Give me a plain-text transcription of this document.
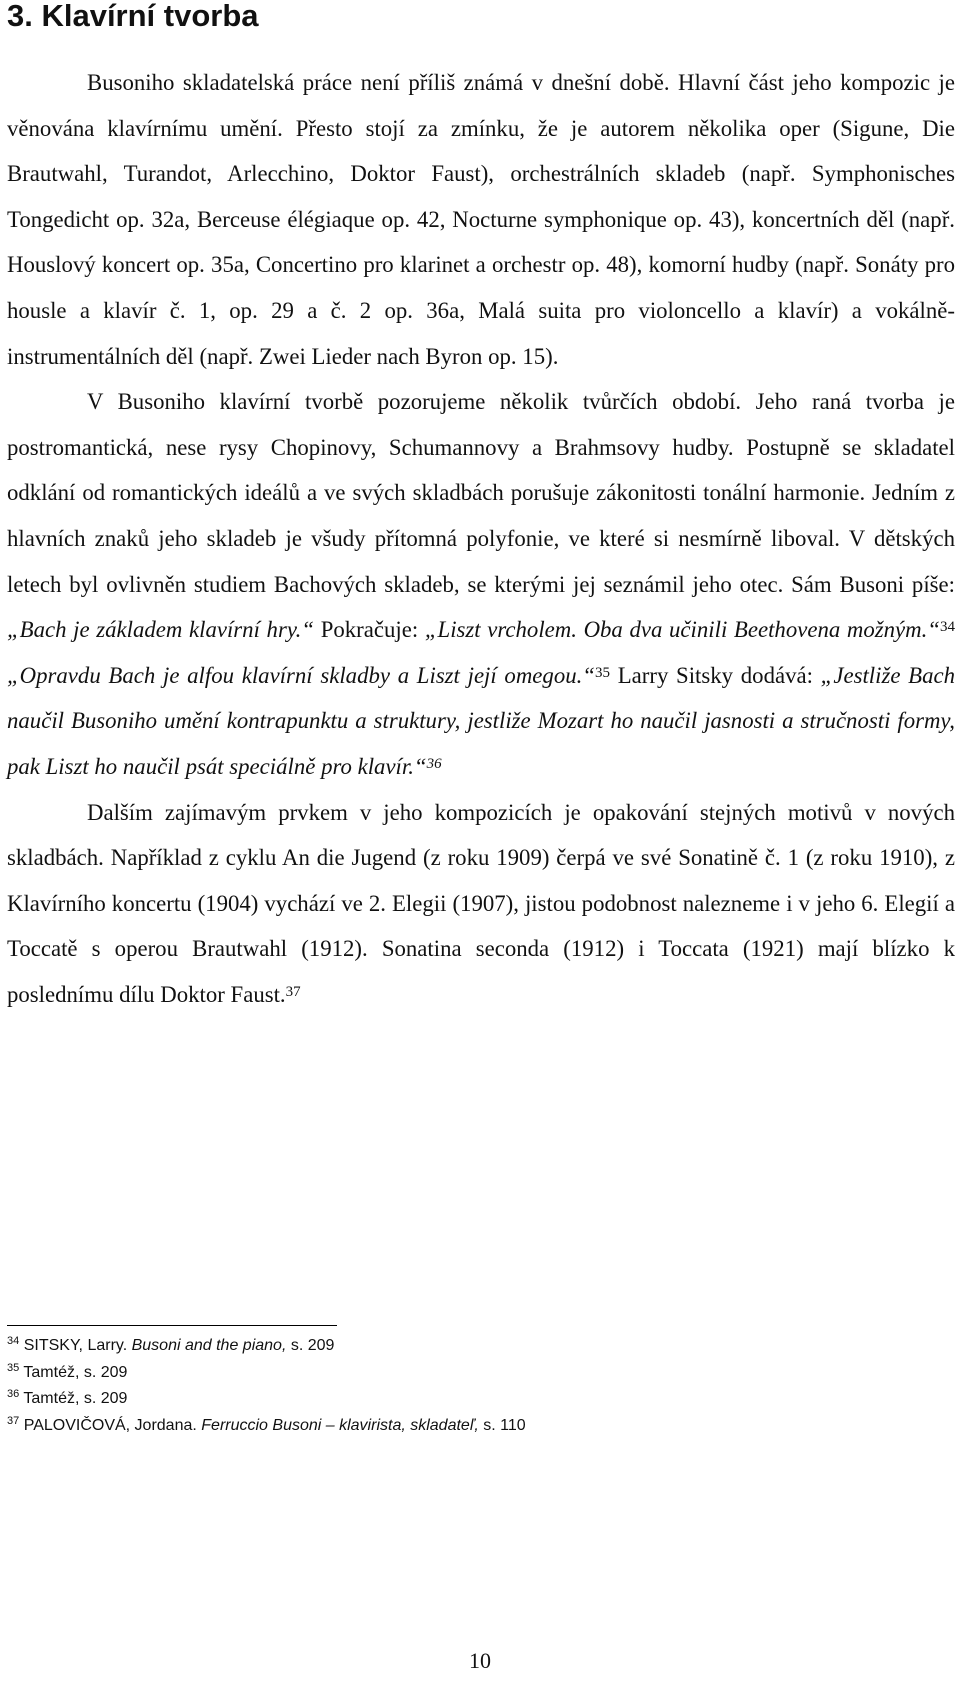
3. Klavírní tvorba

Busoniho skladatelská práce není příliš známá v dnešní době. Hlavní část jeho kompozic je věnována klavírnímu umění. Přesto stojí za zmínku, že je autorem několika oper (Sigune, Die Brautwahl, Turandot, Arlecchino, Doktor Faust), orchestrálních skladeb (např. Symphonisches Tongedicht op. 32a, Berceuse élégiaque op. 42, Nocturne symphonique op. 43), koncertních děl (např. Houslový koncert op. 35a, Concertino pro klarinet a orchestr op. 48), komorní hudby (např. Sonáty pro housle a klavír č. 1, op. 29 a č. 2 op. 36a, Malá suita pro violoncello a klavír) a vokálně-instrumentálních děl (např. Zwei Lieder nach Byron op. 15).

V Busoniho klavírní tvorbě pozorujeme několik tvůrčích období. Jeho raná tvorba je postromantická, nese rysy Chopinovy, Schumannovy a Brahmsovy hudby. Postupně se skladatel odklání od romantických ideálů a ve svých skladbách porušuje zákonitosti tonální harmonie. Jedním z hlavních znaků jeho skladeb je všudy přítomná polyfonie, ve které si nesmírně liboval. V dětských letech byl ovlivněn studiem Bachových skladeb, se kterými jej seznámil jeho otec. Sám Busoni píše: „Bach je základem klavírní hry.“ Pokračuje: „Liszt vrcholem. Oba dva učinili Beethovena možným.“$^{34}$ „Opravdu Bach je alfou klavírní skladby a Liszt její omegou.“$^{35}$ Larry Sitsky dodává: „Jestliže Bach naučil Busoniho umění kontrapunktu a struktury, jestliže Mozart ho naučil jasnosti a stručnosti formy, pak Liszt ho naučil psát speciálně pro klavír.“$^{36}$

Dalším zajímavým prvkem v jeho kompozicích je opakování stejných motivů v nových skladbách. Například z cyklu An die Jugend (z roku 1909) čerpá ve své Sonatině č. 1 (z roku 1910), z Klavírního koncertu (1904) vychází ve 2. Elegii (1907), jistou podobnost nalezneme i v jeho 6. Elegií a Toccatě s operou Brautwahl (1912). Sonatina seconda (1912) i Toccata (1921) mají blízko k poslednímu dílu Doktor Faust.$^{37}$

$^{34}$ SITSKY, Larry. Busoni and the piano, s. 209
$^{35}$ Tamtéž, s. 209
$^{36}$ Tamtéž, s. 209
$^{37}$ PALOVIČOVÁ, Jordana. Ferruccio Busoni – klavirista, skladateľ, s. 110
10
